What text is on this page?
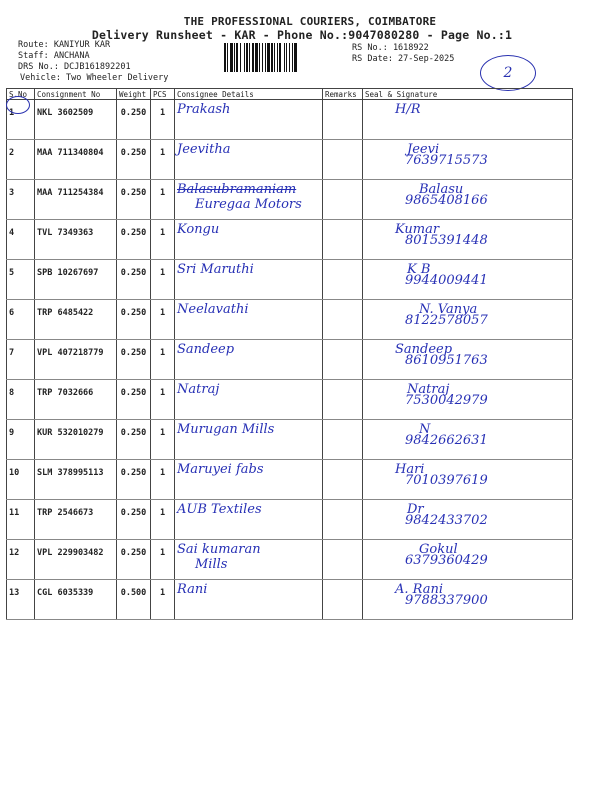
THE PROFESSIONAL COURIERS, COIMBATORE
Delivery Runsheet - KAR - Phone No.:9047080280 - Page No.:1
Route: KANIYUR KAR
Staff: ANCHANA
DRS No.: DCJB161892201
Vehicle: Two Wheeler Delivery
RS No.: 1618922
RS Date: 27-Sep-2025
2
S.No	Consignment No	Weight	PCS	Consignee Details	Remarks	Seal & Signature
1	NKL 3602509	0.250	1	Prakash		H/R

2	MAA 711340804	0.250	1	Jeevitha		Jeevi
7639715573

3	MAA 711254384	0.250	1	Balasubramaniam
Euregaa Motors		Balasu
9865408166

4	TVL 7349363	0.250	1	Kongu		Kumar
8015391448

5	SPB 10267697	0.250	1	Sri Maruthi		K B
9944009441

6	TRP 6485422	0.250	1	Neelavathi		N. Vanya
8122578057

7	VPL 407218779	0.250	1	Sandeep		Sandeep
8610951763

8	TRP 7032666	0.250	1	Natraj		Natraj
7530042979

9	KUR 532010279	0.250	1	Murugan Mills		N
9842662631

10	SLM 378995113	0.250	1	Maruyei fabs		Hari
7010397619

11	TRP 2546673	0.250	1	AUB Textiles		Dr
9842433702

12	VPL 229903482	0.250	1	Sai kumaran
Mills		Gokul
6379360429

13	CGL 6035339	0.500	1	Rani		A. Rani
9788337900
